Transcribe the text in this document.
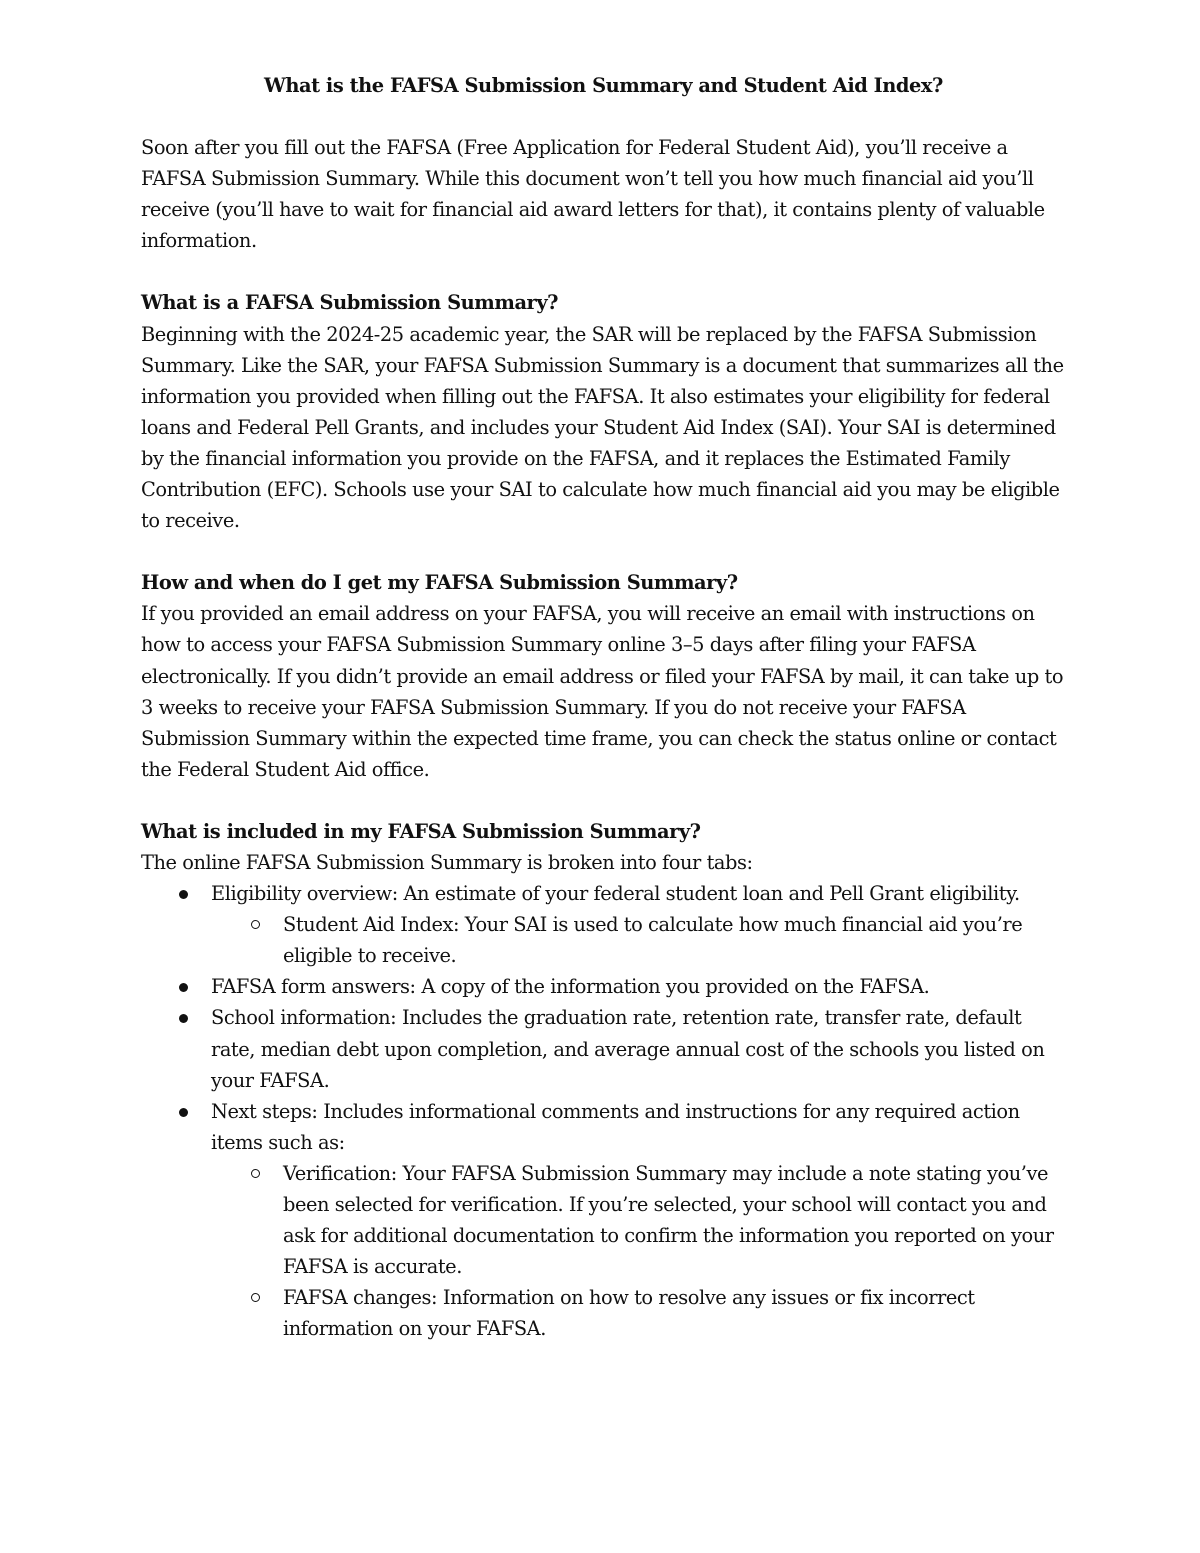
What is the FAFSA Submission Summary and Student Aid Index?

Soon after you fill out the FAFSA (Free Application for Federal Student Aid), you’ll receive a FAFSA Submission Summary. While this document won’t tell you how much financial aid you’ll receive (you’ll have to wait for financial aid award letters for that), it contains plenty of valuable information.

What is a FAFSA Submission Summary?

Beginning with the 2024-25 academic year, the SAR will be replaced by the FAFSA Submission Summary. Like the SAR, your FAFSA Submission Summary is a document that summarizes all the information you provided when filling out the FAFSA. It also estimates your eligibility for federal loans and Federal Pell Grants, and includes your Student Aid Index (SAI). Your SAI is determined by the financial information you provide on the FAFSA, and it replaces the Estimated Family Contribution (EFC). Schools use your SAI to calculate how much financial aid you may be eligible to receive.

How and when do I get my FAFSA Submission Summary?

If you provided an email address on your FAFSA, you will receive an email with instructions on how to access your FAFSA Submission Summary online 3–5 days after filing your FAFSA electronically. If you didn’t provide an email address or filed your FAFSA by mail, it can take up to 3 weeks to receive your FAFSA Submission Summary. If you do not receive your FAFSA Submission Summary within the expected time frame, you can check the status online or contact the Federal Student Aid office.

What is included in my FAFSA Submission Summary?

The online FAFSA Submission Summary is broken into four tabs:

Eligibility overview: An estimate of your federal student loan and Pell Grant eligibility.
Student Aid Index: Your SAI is used to calculate how much financial aid you’re eligible to receive.
FAFSA form answers: A copy of the information you provided on the FAFSA.
School information: Includes the graduation rate, retention rate, transfer rate, default rate, median debt upon completion, and average annual cost of the schools you listed on your FAFSA.
Next steps: Includes informational comments and instructions for any required action items such as:
Verification: Your FAFSA Submission Summary may include a note stating you’ve been selected for verification. If you’re selected, your school will contact you and ask for additional documentation to confirm the information you reported on your FAFSA is accurate.
FAFSA changes: Information on how to resolve any issues or fix incorrect information on your FAFSA.
